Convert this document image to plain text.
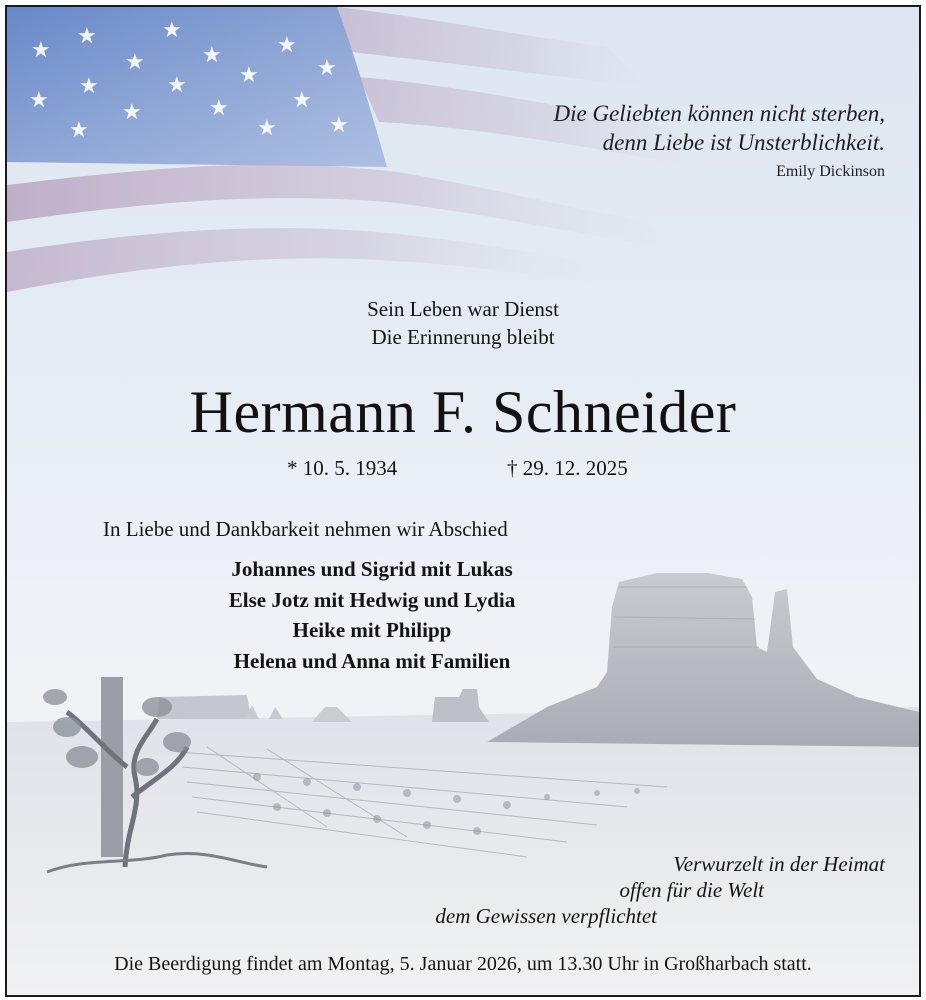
★
★
★
★
★
★
★
★
★
★
★
★
★
★
★
★
★	Die Geliebten können nicht sterben,
denn Liebe ist Unsterblichkeit.
Emily Dickinson
Sein Leben war Dienst
Die Erinnerung bleibt
Hermann F. Schneider
* 10. 5. 1934	† 29. 12. 2025
In Liebe und Dankbarkeit nehmen wir Abschied
Johannes und Sigrid mit Lukas
Else Jotz mit Hedwig und Lydia
Heike mit Philipp
Helena und Anna mit Familien
Verwurzelt in der Heimat
offen für die Welt
dem Gewissen verpflichtet
Die Beerdigung findet am Montag, 5. Januar 2026, um 13.30 Uhr in Großharbach statt.
